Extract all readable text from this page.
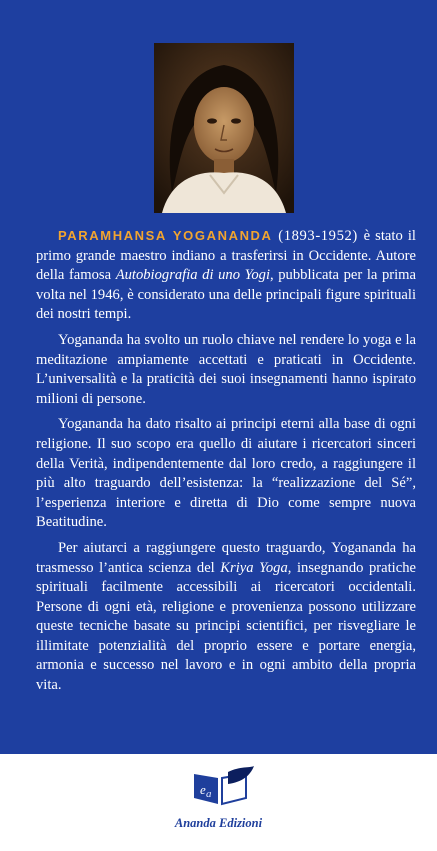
PARAMHANSA YOGANANDA (1893-1952) è stato il primo grande maestro indiano a trasferirsi in Occidente. Autore della famosa Autobiografia di uno Yogi, pubblicata per la prima volta nel 1946, è considerato una delle principali figure spirituali dei nostri tempi.

Yogananda ha svolto un ruolo chiave nel rendere lo yoga e la meditazione ampiamente accettati e praticati in Occidente. L’universalità e la praticità dei suoi insegnamenti hanno ispirato milioni di persone.

Yogananda ha dato risalto ai principi eterni alla base di ogni religione. Il suo scopo era quello di aiutare i ricercatori sinceri della Verità, indipendentemente dal loro credo, a raggiungere il più alto traguardo dell’esistenza: la “realizzazione del Sé”, l’esperienza interiore e diretta di Dio come sempre nuova Beatitudine.

Per aiutarci a raggiungere questo traguardo, Yogananda ha trasmesso l’antica scienza del Kriya Yoga, insegnando pratiche spirituali facilmente accessibili ai ricercatori occidentali. Persone di ogni età, religione e provenienza possono utilizzare queste tecniche basate su principi scientifici, per risvegliare le illimitate potenzialità del proprio essere e portare energia, armonia e successo nel lavoro e in ogni ambito della propria vita.

e a
Ananda Edizioni
